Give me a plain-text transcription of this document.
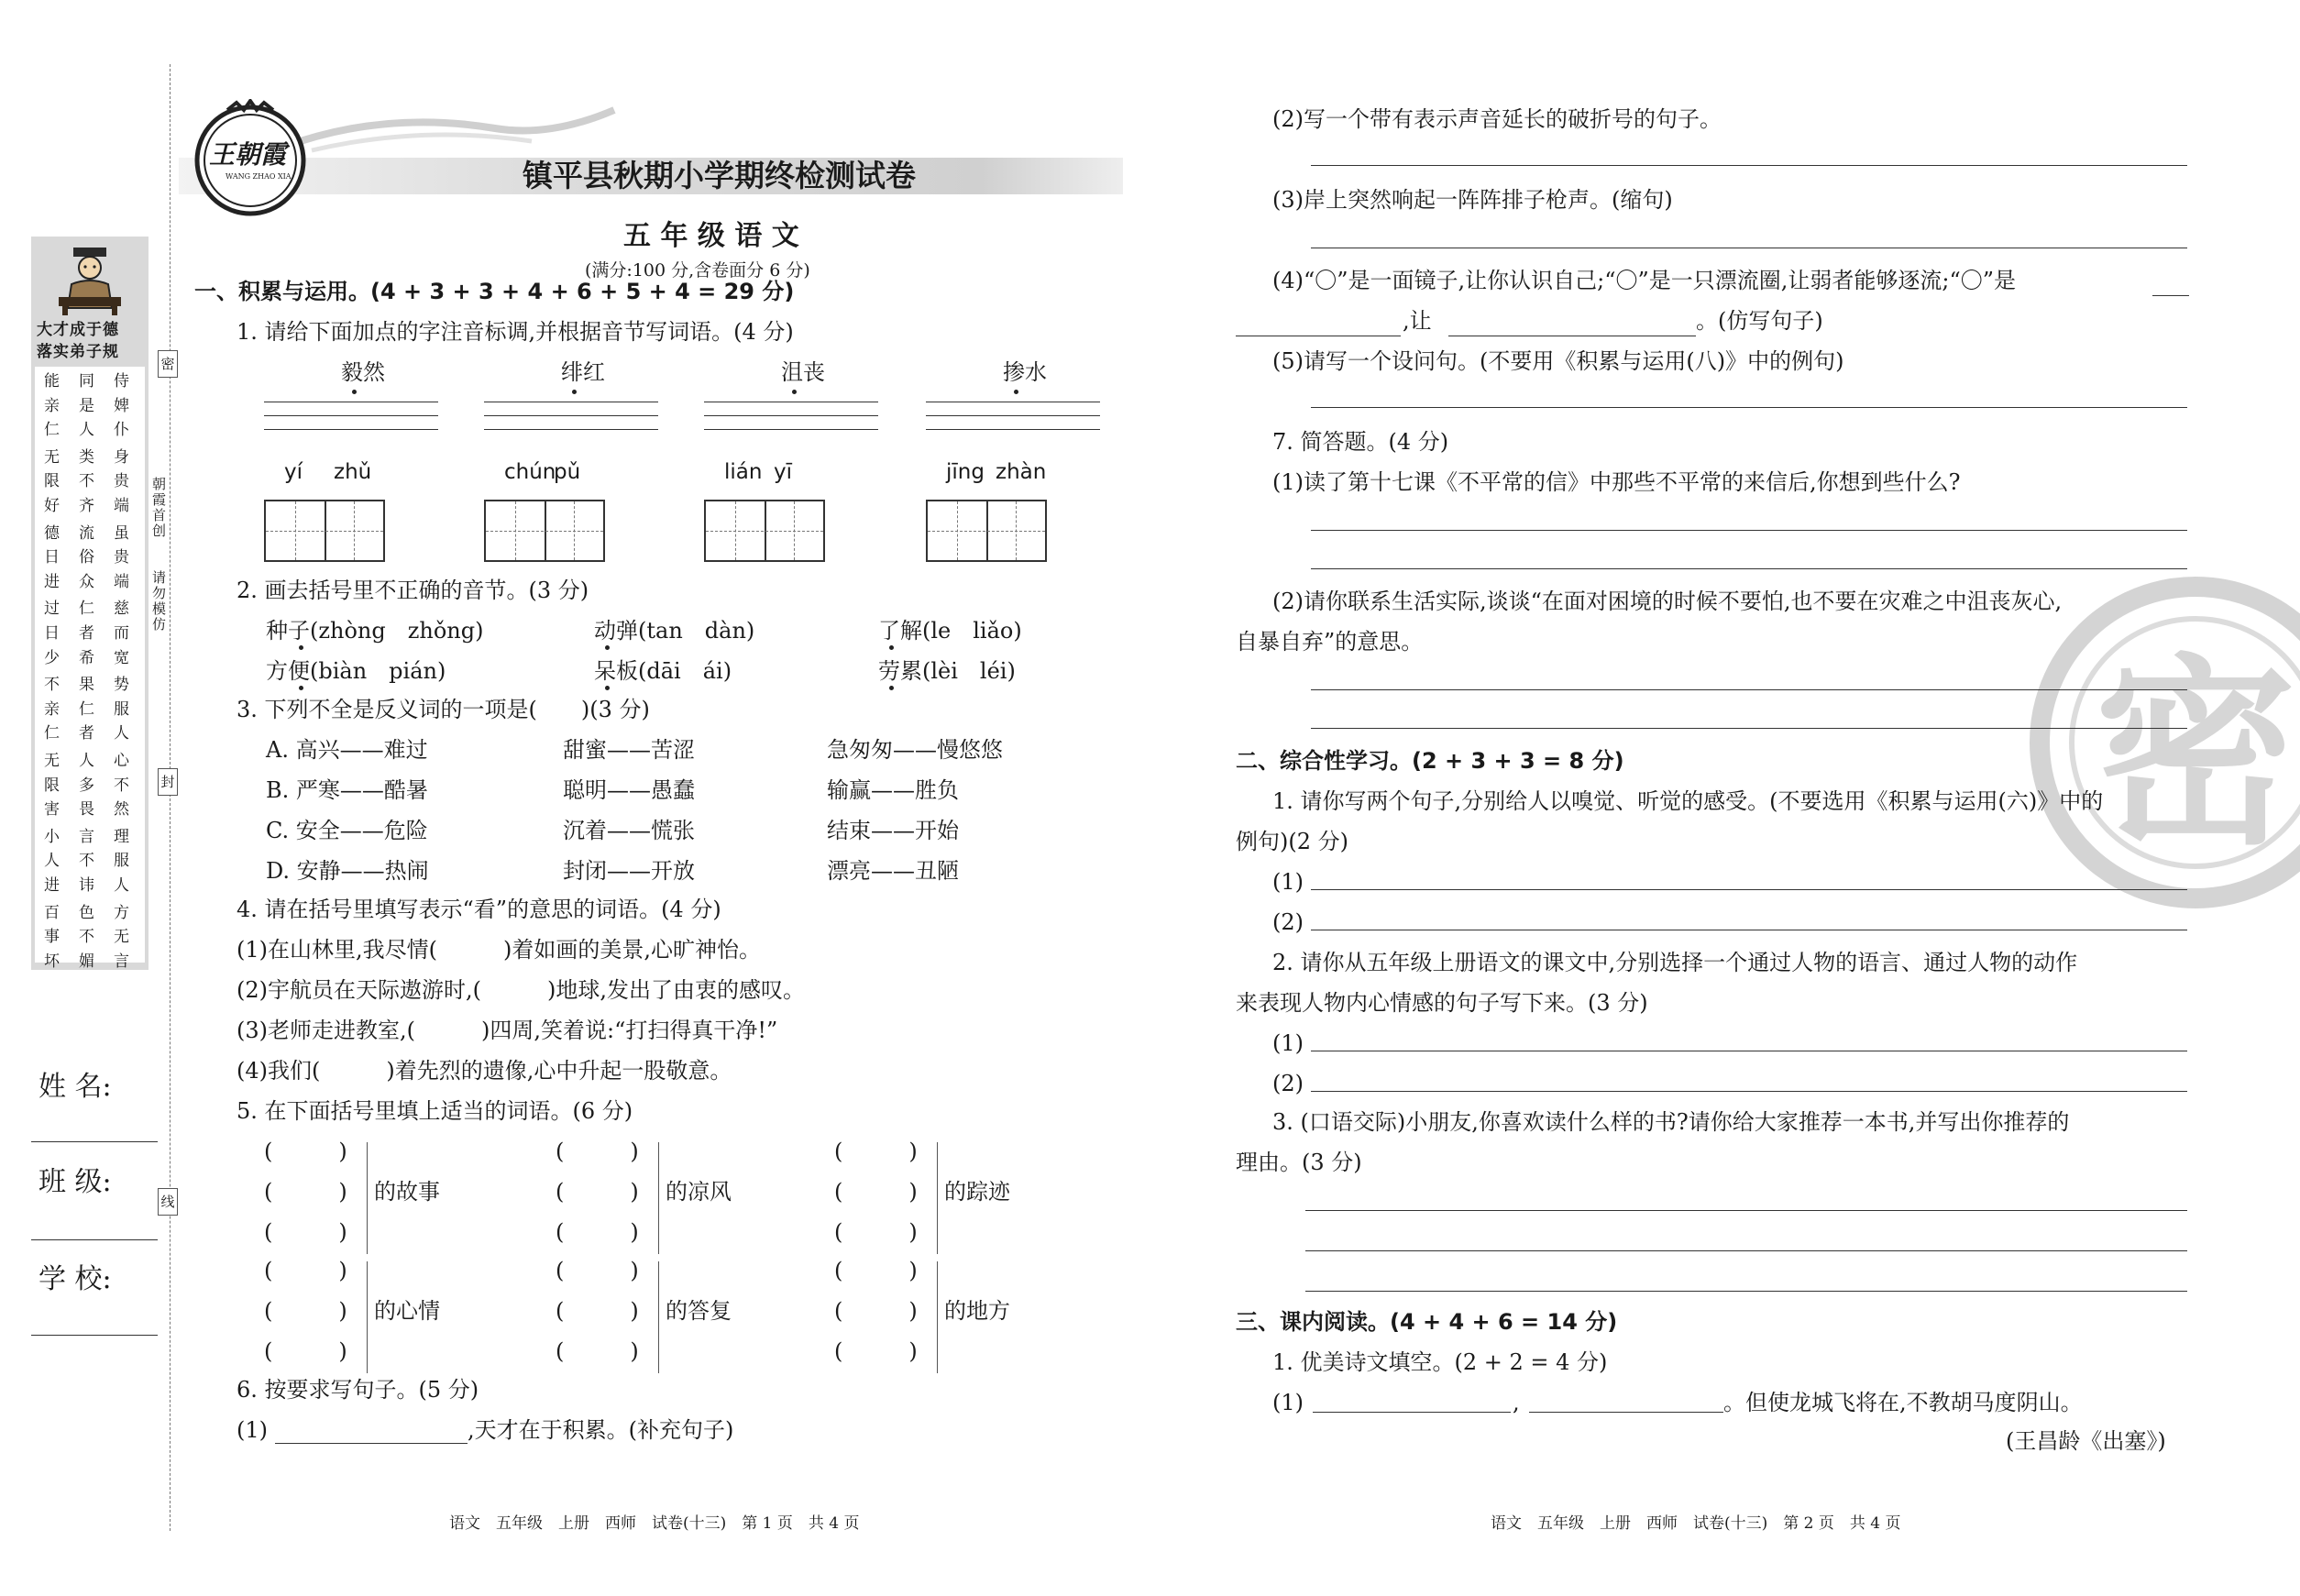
大才成于德
落实弟子规
能 同 侍
亲 是 婢
仁 人 仆
无 类 身
限 不 贵
好 齐 端
德 流 虽
日 俗 贵
进 众 端
过 仁 慈
日 者 而
少 希 宽
不 果 势
亲 仁 服
仁 者 人
无 人 心
限 多 不
害 畏 然
小 言 理
人 不 服
进 讳 人
百 色 方
事 不 无
坏 媚 言
密
朝霞首创
请勿模仿
封
线
姓 名:
班 级:
学 校:
王朝霞
WANG ZHAO XIA	镇平县秋期小学期终检测试卷
五 年 级 语 文
(满分:100 分,含卷面分 6 分)
一、积累与运用。(4 + 3 + 3 + 4 + 6 + 5 + 4 = 29 分)
1. 请给下面加点的字注音标调,并根据音节写词语。(4 分)
毅然
yí zhǔ
绯红
chún
pǔ
沮丧
lián yī
掺水
jīng zhàn
2. 画去括号里不正确的音节。(3 分)
种子(zhòng　zhǒng)	动弹(tan　dàn)	了解(le　liǎo)
方便(biàn　pián)	呆板(dāi　ái)	劳累(lèi　léi)
3. 下列不全是反义词的一项是(　　)(3 分)
A. 高兴——难过	甜蜜——苦涩	急匆匆——慢悠悠
B. 严寒——酷暑	聪明——愚蠢	输赢——胜负
C. 安全——危险	沉着——慌张	结束——开始
D. 安静——热闹	封闭——开放	漂亮——丑陋
4. 请在括号里填写表示“看”的意思的词语。(4 分)
(1)在山林里,我尽情(　　　)着如画的美景,心旷神怡。
(2)宇航员在天际遨游时,(　　　)地球,发出了由衷的感叹。
(3)老师走进教室,(　　　)四周,笑着说:“打扫得真干净!”
(4)我们(　　　)着先烈的遗像,心中升起一股敬意。
5. 在下面括号里填上适当的词语。(6 分)
(　　　)
(　　　)
(　　　)
的故事
(　　　)
(　　　)
(　　　)
的凉风
(　　　)
(　　　)
(　　　)
的踪迹
(　　　)
(　　　)
(　　　)
的心情
(　　　)
(　　　)
(　　　)
的答复
(　　　)
(　　　)
(　　　)
的地方
6. 按要求写句子。(5 分)
(1)	,天才在于积累。(补充句子)
语文　五年级　上册　西师　试卷(十三)　第 1 页　共 4 页
密
(2)写一个带有表示声音延长的破折号的句子。
(3)岸上突然响起一阵阵排子枪声。(缩句)
(4)“〇”是一面镜子,让你认识自己;“〇”是一只漂流圈,让弱者能够逐流;“〇”是
,让	。(仿写句子)
(5)请写一个设问句。(不要用《积累与运用(八)》中的例句)
7. 简答题。(4 分)
(1)读了第十七课《不平常的信》中那些不平常的来信后,你想到些什么?
(2)请你联系生活实际,谈谈“在面对困境的时候不要怕,也不要在灾难之中沮丧灰心,
自暴自弃”的意思。
二、综合性学习。(2 + 3 + 3 = 8 分)
1. 请你写两个句子,分别给人以嗅觉、听觉的感受。(不要选用《积累与运用(六)》中的
例句)(2 分)
(1)
(2)
2. 请你从五年级上册语文的课文中,分别选择一个通过人物的语言、通过人物的动作
来表现人物内心情感的句子写下来。(3 分)
(1)
(2)
3. (口语交际)小朋友,你喜欢读什么样的书?请你给大家推荐一本书,并写出你推荐的
理由。(3 分)
三、课内阅读。(4 + 4 + 6 = 14 分)
1. 优美诗文填空。(2 + 2 = 4 分)
(1)	,	。但使龙城飞将在,不教胡马度阴山。
(王昌龄《出塞》)
语文　五年级　上册　西师　试卷(十三)　第 2 页　共 4 页
